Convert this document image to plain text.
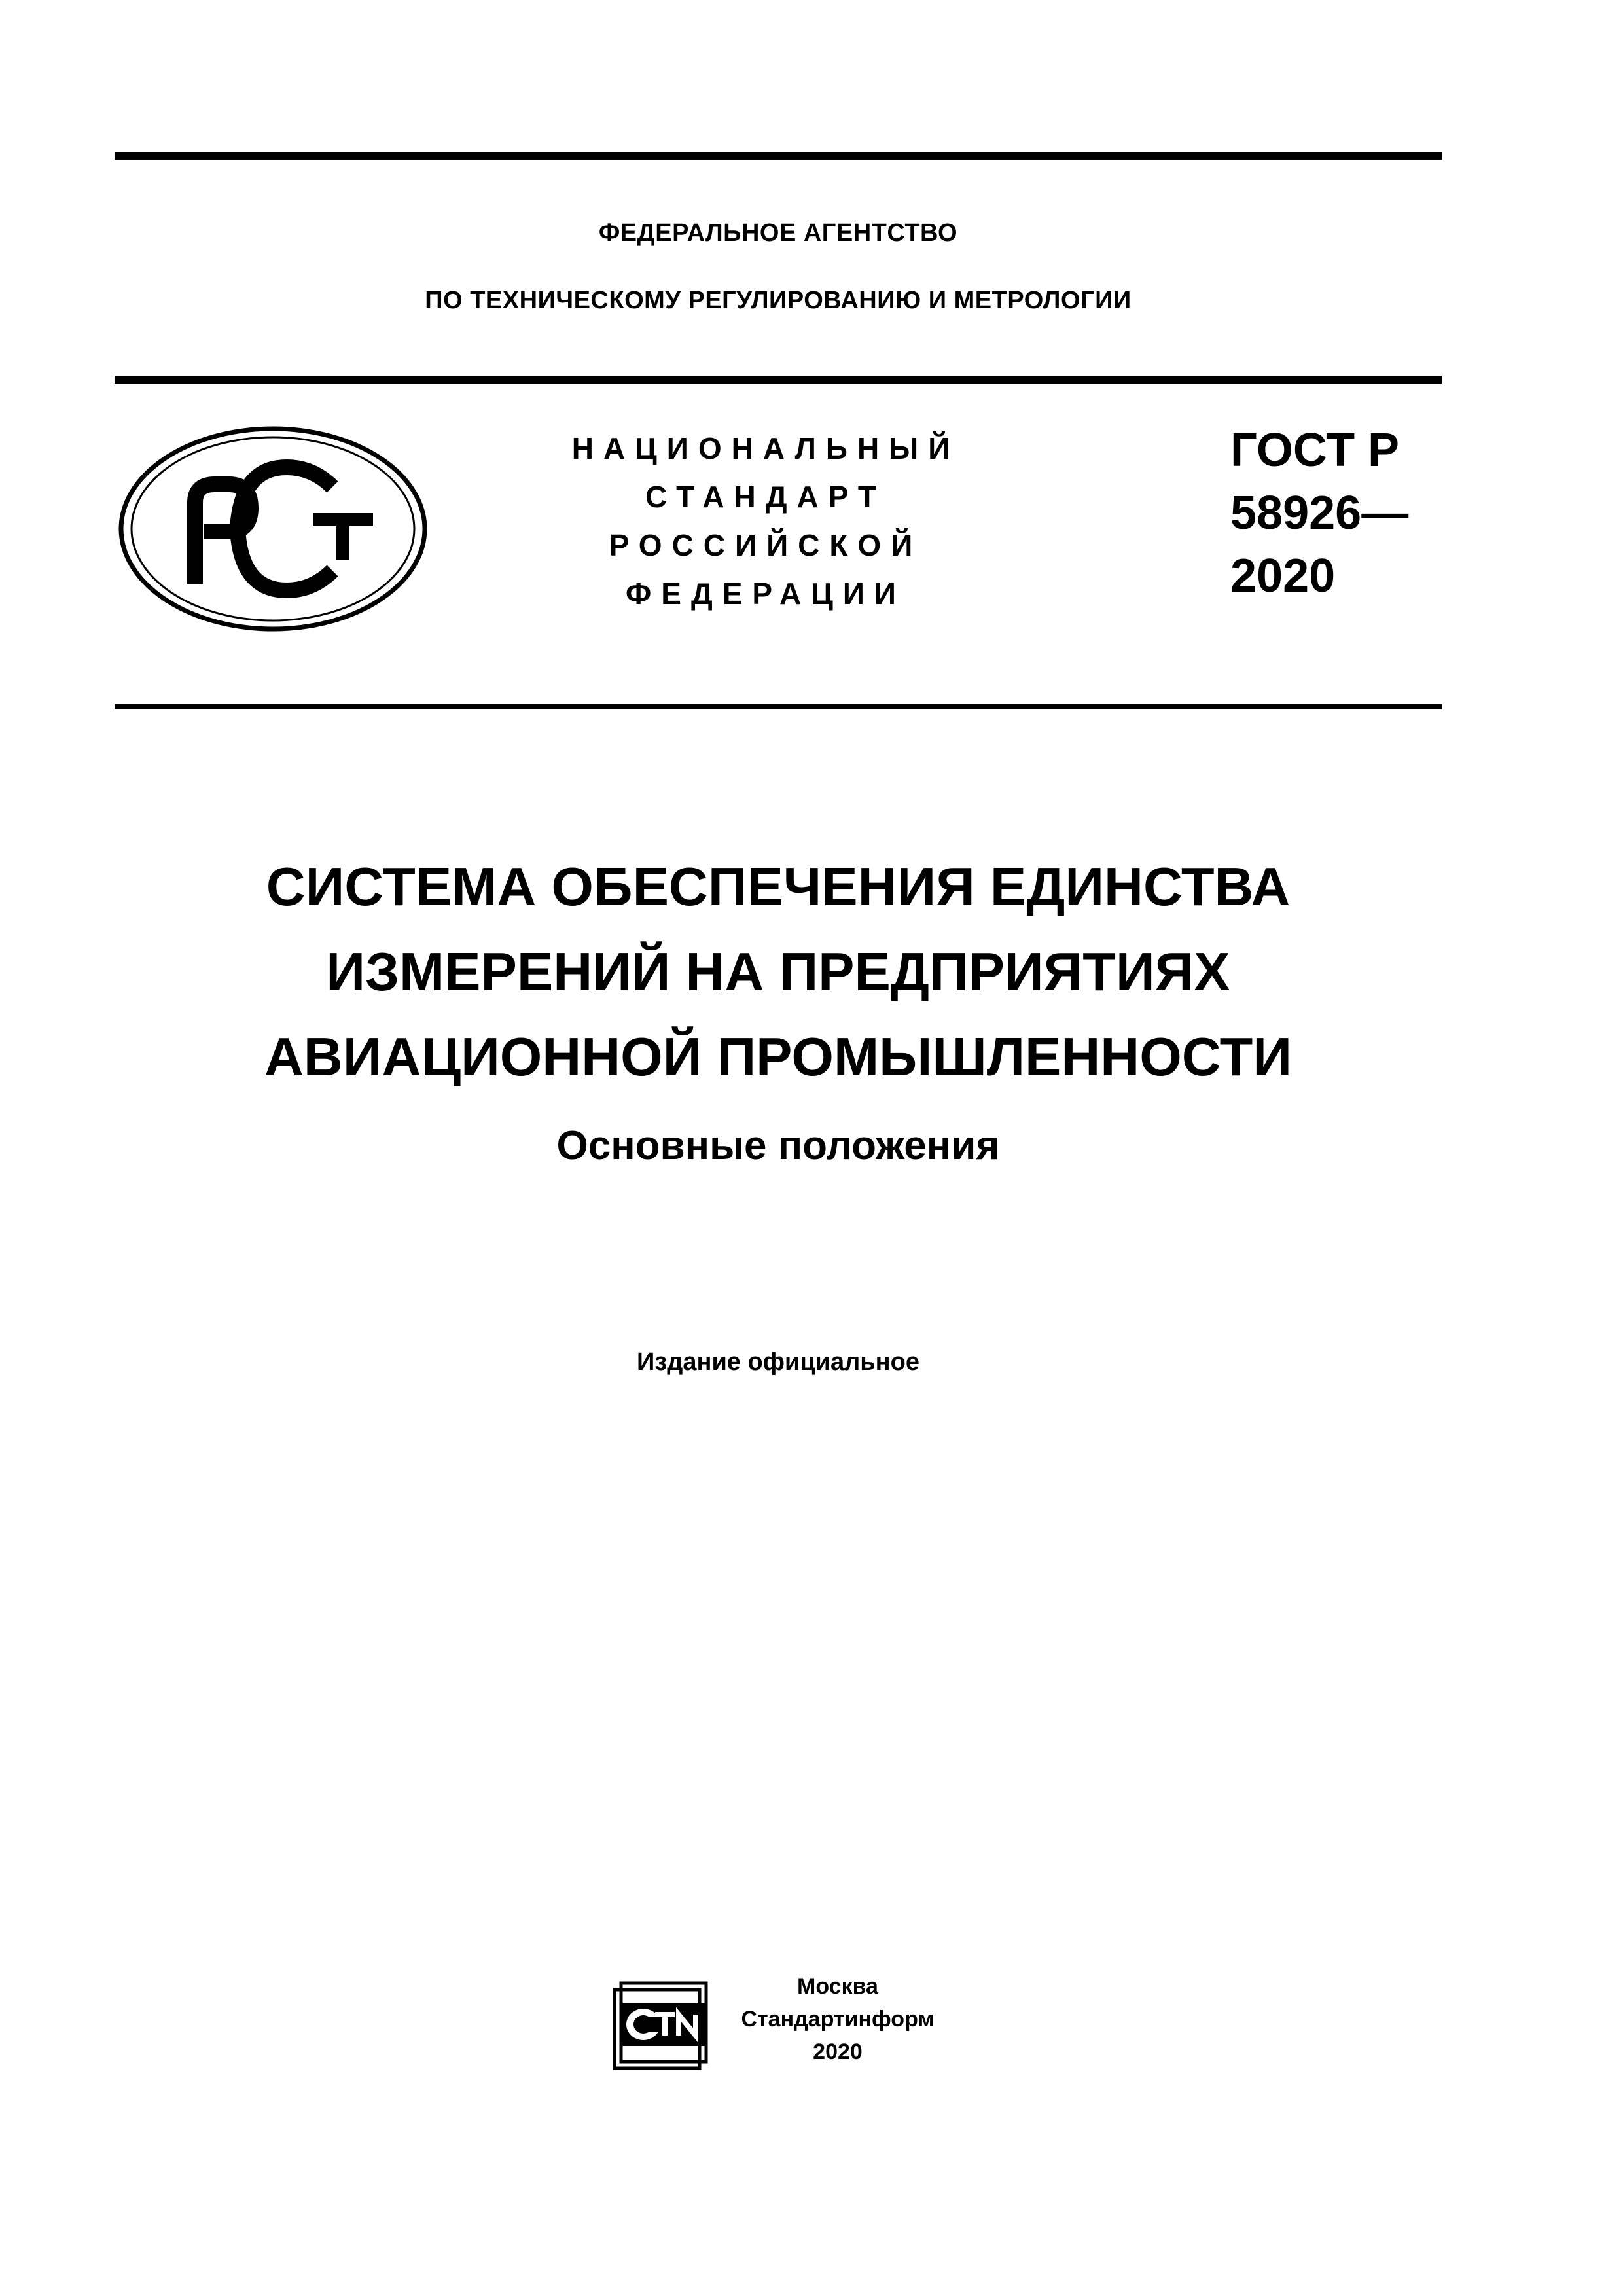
ФЕДЕРАЛЬНОЕ АГЕНТСТВО
ПО ТЕХНИЧЕСКОМУ РЕГУЛИРОВАНИЮ И МЕТРОЛОГИИ
НАЦИОНАЛЬНЫЙ
СТАНДАРТ
РОССИЙСКОЙ
ФЕДЕРАЦИИ
ГОСТ Р
58926—
2020
СИСТЕМА ОБЕСПЕЧЕНИЯ ЕДИНСТВА
ИЗМЕРЕНИЙ НА ПРЕДПРИЯТИЯХ
АВИАЦИОННОЙ ПРОМЫШЛЕННОСТИ
Основные положения
Издание официальное
Москва
Стандартинформ
2020
